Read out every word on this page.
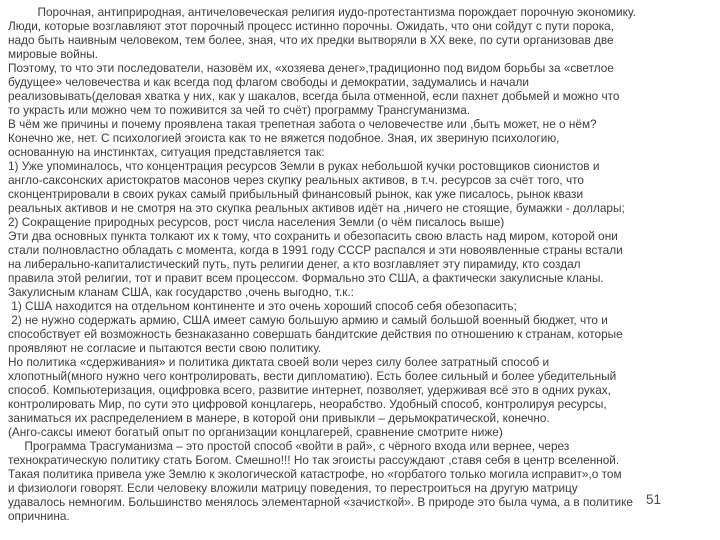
Порочная, антиприродная, античеловеческая религия иудо-протестантизма порождает порочную экономику.
Люди, которые возглавляют этот порочный процесс истинно порочны. Ожидать, что они сойдут с пути порока,
надо быть наивным человеком, тем более, зная, что их предки вытворяли в XX веке, по сути организовав две
мировые войны.
Поэтому, то что эти последователи, назовём их, «хозяева денег»,традиционно под видом борьбы за «светлое
будущее» человечества и как всегда под флагом свободы и демократии, задумались и начали
реализовывать(деловая хватка у них, как у шакалов, всегда была отменной, если пахнет добьмей и можно что
то украсть или можно чем то поживится за чей то счёт) программу Трансгуманизма.
В чём же причины и почему проявлена такая трепетная забота о человечестве или ,быть может, не о нём?
Конечно же, нет. С психологией эгоиста как то не вяжется подобное. Зная, их звериную психологию,
основанную на инстинктах, ситуация представляется так:
1) Уже упоминалось, что концентрация ресурсов Земли в руках небольшой кучки ростовщиков сионистов и
англо-саксонских аристократов масонов через скупку реальных активов, в т.ч. ресурсов за счёт того, что
сконцентрировали в своих руках самый прибыльный финансовый рынок, как уже писалось, рынок квази
реальных активов и не смотря на это скупка реальных активов идёт на ,ничего не стоящие, бумажки - доллары;
2) Сокращение природных ресурсов, рост числа населения Земли (о чём писалось выше)
Эти два основных пункта толкают их к тому, что сохранить и обезопасить свою власть над миром, которой они
стали полновластно обладать с момента, когда в 1991 году СССР распался и эти новоявленные страны встали
на либерально-капиталистический путь, путь религии денег, а кто возглавляет эту пирамиду, кто создал
правила этой религии, тот и правит всем процессом. Формально это США, а фактически закулисные кланы.
Закулисным кланам США, как государство ,очень выгодно, т.к.:
1) США находится на отдельном континенте и это очень хороший способ себя обезопасить;
2) не нужно содержать армию, США имеет самую большую армию и самый большой военный бюджет, что и
способствует ей возможность безнаказанно совершать бандитские действия по отношению к странам, которые
проявляют не согласие и пытаются вести свою политику.
Но политика «сдерживания» и политика диктата своей воли через силу более затратный способ и
хлопотный(много нужно чего контролировать, вести дипломатию). Есть более сильный и более убедительный
способ. Компьютеризация, оцифровка всего, развитие интернет, позволяет, удерживая всё это в одних руках,
контролировать Мир, по сути это цифровой концлагерь, неорабство. Удобный способ, контролируя ресурсы,
заниматься их распределением в манере, в которой они привыкли – дерьмократической, конечно.
(Анго-саксы имеют богатый опыт по организации концлагерей, сравнение смотрите ниже)
Программа Трасгуманизма – это простой способ «войти в рай», с чёрного входа или вернее, через
технократическую политику стать Богом. Смешно!!! Но так эгоисты рассуждают ,ставя себя в центр вселенной.
Такая политика привела уже Землю к экологической катастрофе, но «горбатого только могила исправит»,о том
и физиологи говорят. Если человеку вложили матрицу поведения, то перестроиться на другую матрицу
удавалось немногим. Большинство менялось элементарной «зачисткой». В природе это была чума, а в политике
опричнина.
51
